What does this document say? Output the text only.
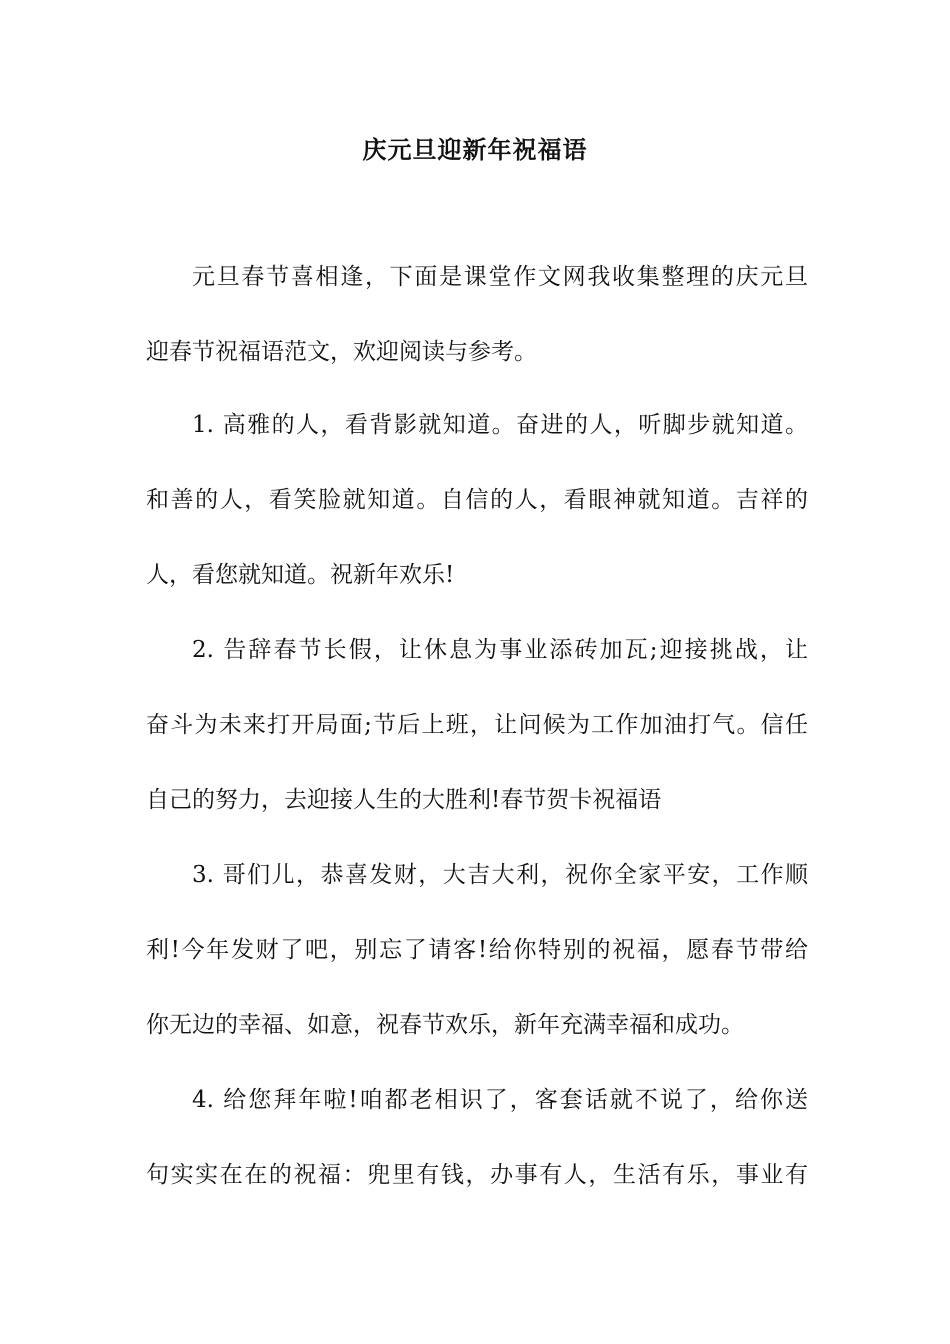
庆元旦迎新年祝福语
元旦春节喜相逢，下面是课堂作文网我收集整理的庆元旦
迎春节祝福语范文，欢迎阅读与参考。
1. 高雅的人，看背影就知道。奋进的人，听脚步就知道。
和善的人，看笑脸就知道。自信的人，看眼神就知道。吉祥的
人，看您就知道。祝新年欢乐!
2. 告辞春节长假，让休息为事业添砖加瓦;迎接挑战，让
奋斗为未来打开局面;节后上班，让问候为工作加油打气。信任
自己的努力，去迎接人生的大胜利!春节贺卡祝福语
3. 哥们儿，恭喜发财，大吉大利，祝你全家平安，工作顺
利!今年发财了吧，别忘了请客!给你特别的祝福，愿春节带给
你无边的幸福、如意，祝春节欢乐，新年充满幸福和成功。
4. 给您拜年啦!咱都老相识了，客套话就不说了，给你送
句实实在在的祝福：兜里有钱，办事有人，生活有乐，事业有
